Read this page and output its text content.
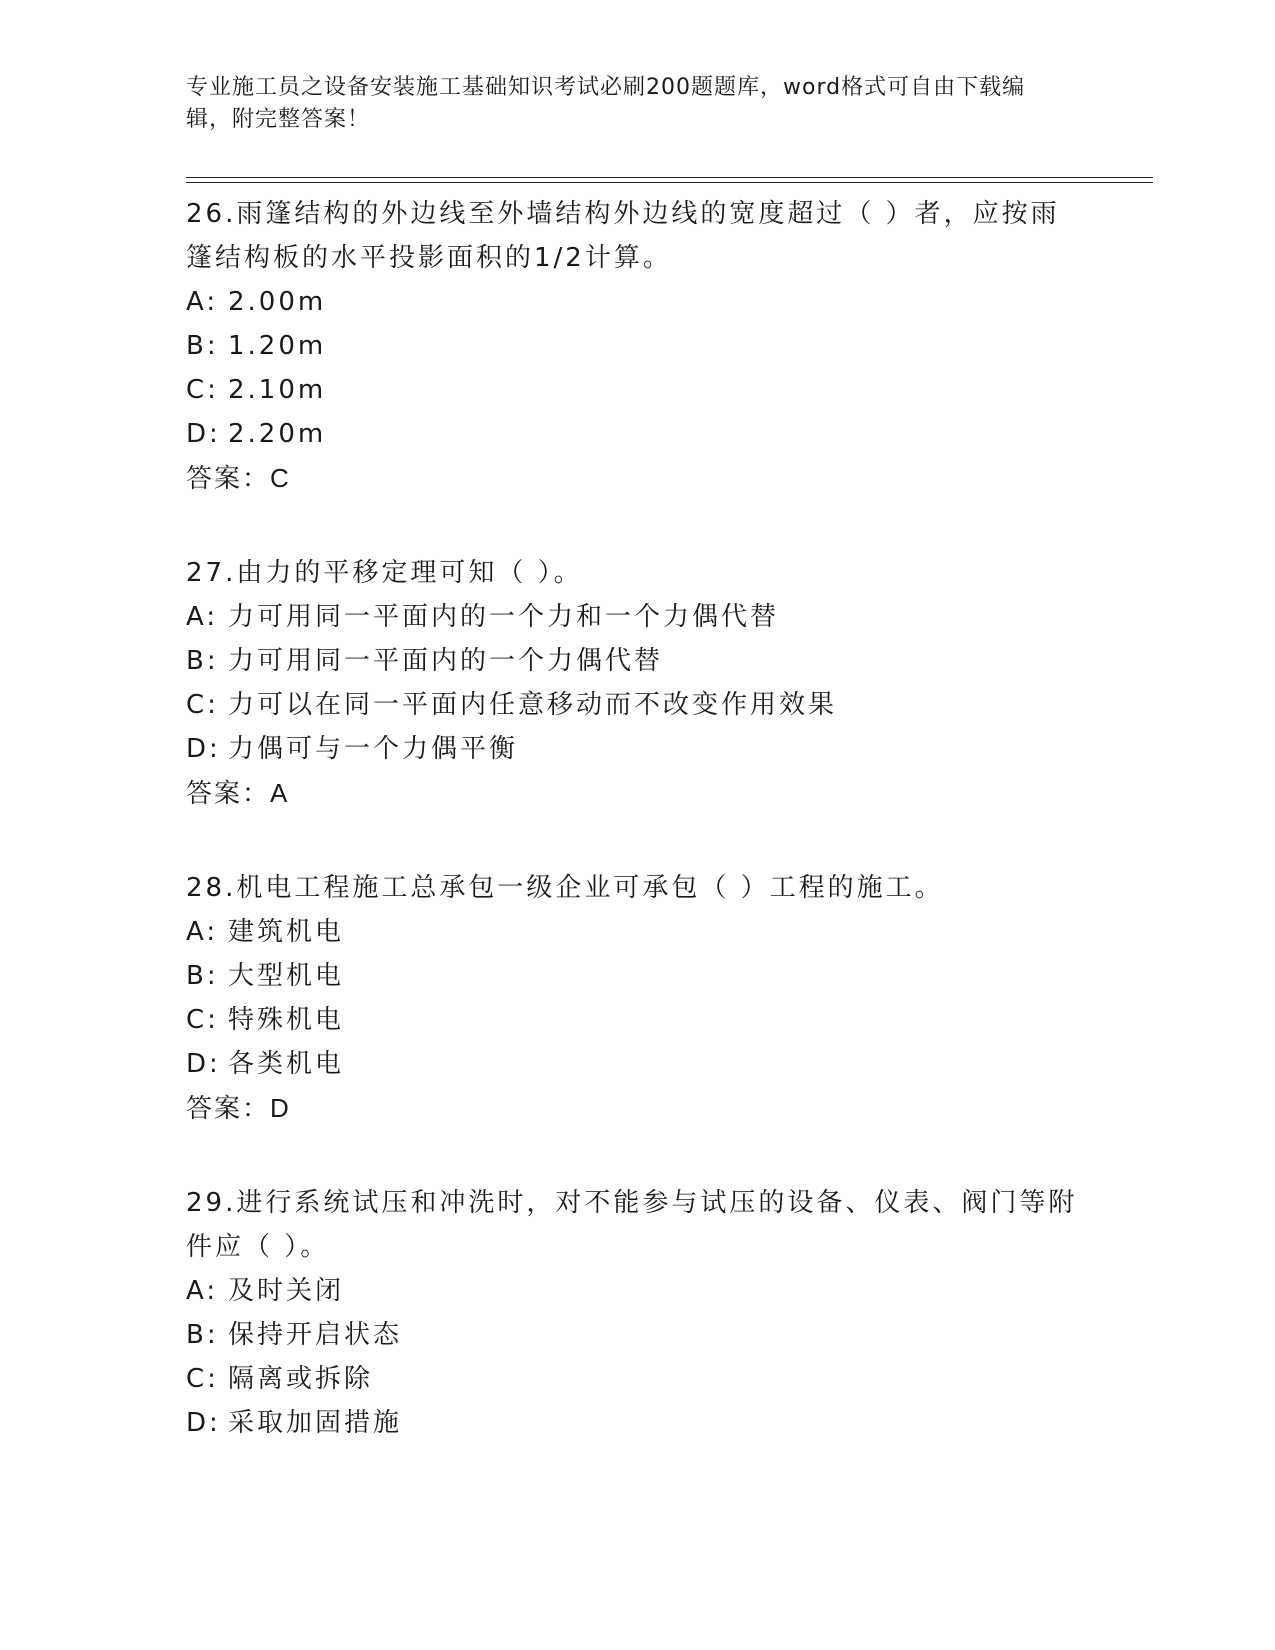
专业施工员之设备安装施工基础知识考试必刷200题题库，word格式可自由下载编辑，附完整答案！
26.雨篷结构的外边线至外墙结构外边线的宽度超过（ ）者，应按雨篷结构板的水平投影面积的1/2计算。
A: 2.00m
B: 1.20m
C: 2.10m
D: 2.20m
答案：C
27.由力的平移定理可知（ ）。
A: 力可用同一平面内的一个力和一个力偶代替
B: 力可用同一平面内的一个力偶代替
C: 力可以在同一平面内任意移动而不改变作用效果
D: 力偶可与一个力偶平衡
答案：A
28.机电工程施工总承包一级企业可承包（ ）工程的施工。
A: 建筑机电
B: 大型机电
C: 特殊机电
D: 各类机电
答案：D
29.进行系统试压和冲洗时，对不能参与试压的设备、仪表、阀门等附件应（ ）。
A: 及时关闭
B: 保持开启状态
C: 隔离或拆除
D: 采取加固措施
